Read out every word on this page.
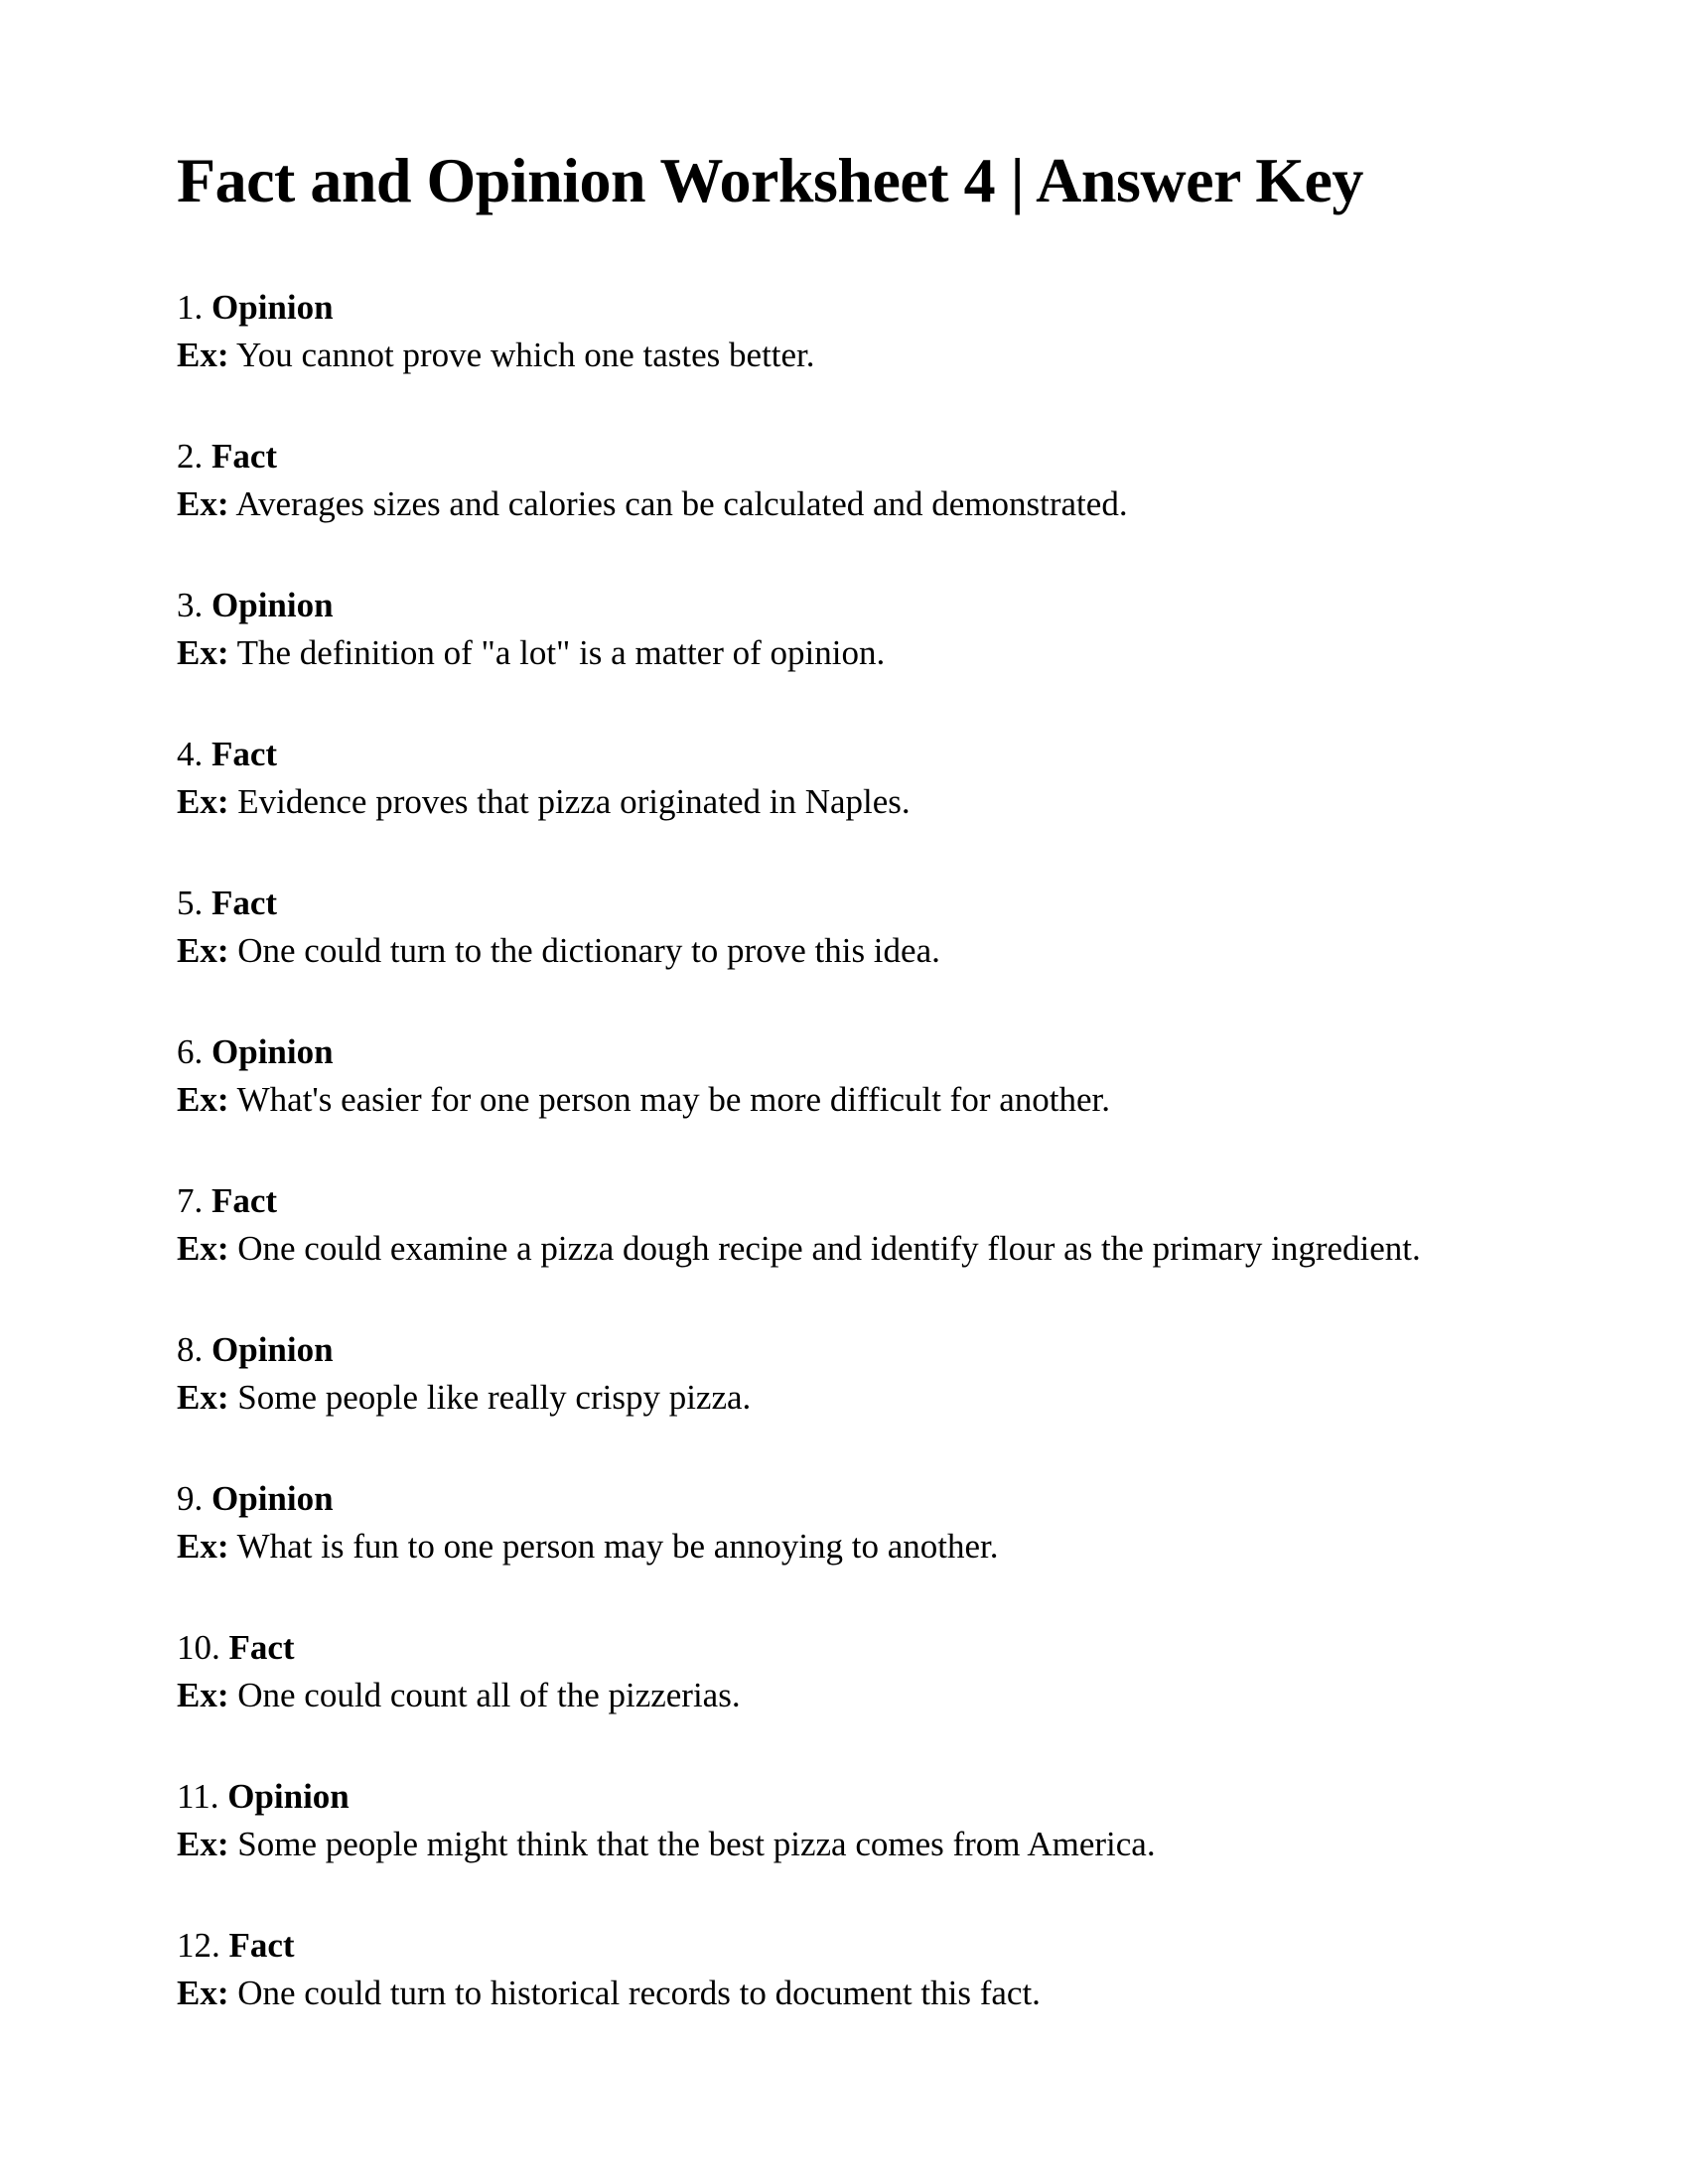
Fact and Opinion Worksheet 4 | Answer Key
1. Opinion
Ex: You cannot prove which one tastes better.
2. Fact
Ex: Averages sizes and calories can be calculated and demonstrated.
3. Opinion
Ex: The definition of "a lot" is a matter of opinion.
4. Fact
Ex: Evidence proves that pizza originated in Naples.
5. Fact
Ex: One could turn to the dictionary to prove this idea.
6. Opinion
Ex: What's easier for one person may be more difficult for another.
7. Fact
Ex: One could examine a pizza dough recipe and identify flour as the primary ingredient.
8. Opinion
Ex: Some people like really crispy pizza.
9. Opinion
Ex: What is fun to one person may be annoying to another.
10. Fact
Ex: One could count all of the pizzerias.
11. Opinion
Ex: Some people might think that the best pizza comes from America.
12. Fact
Ex: One could turn to historical records to document this fact.
